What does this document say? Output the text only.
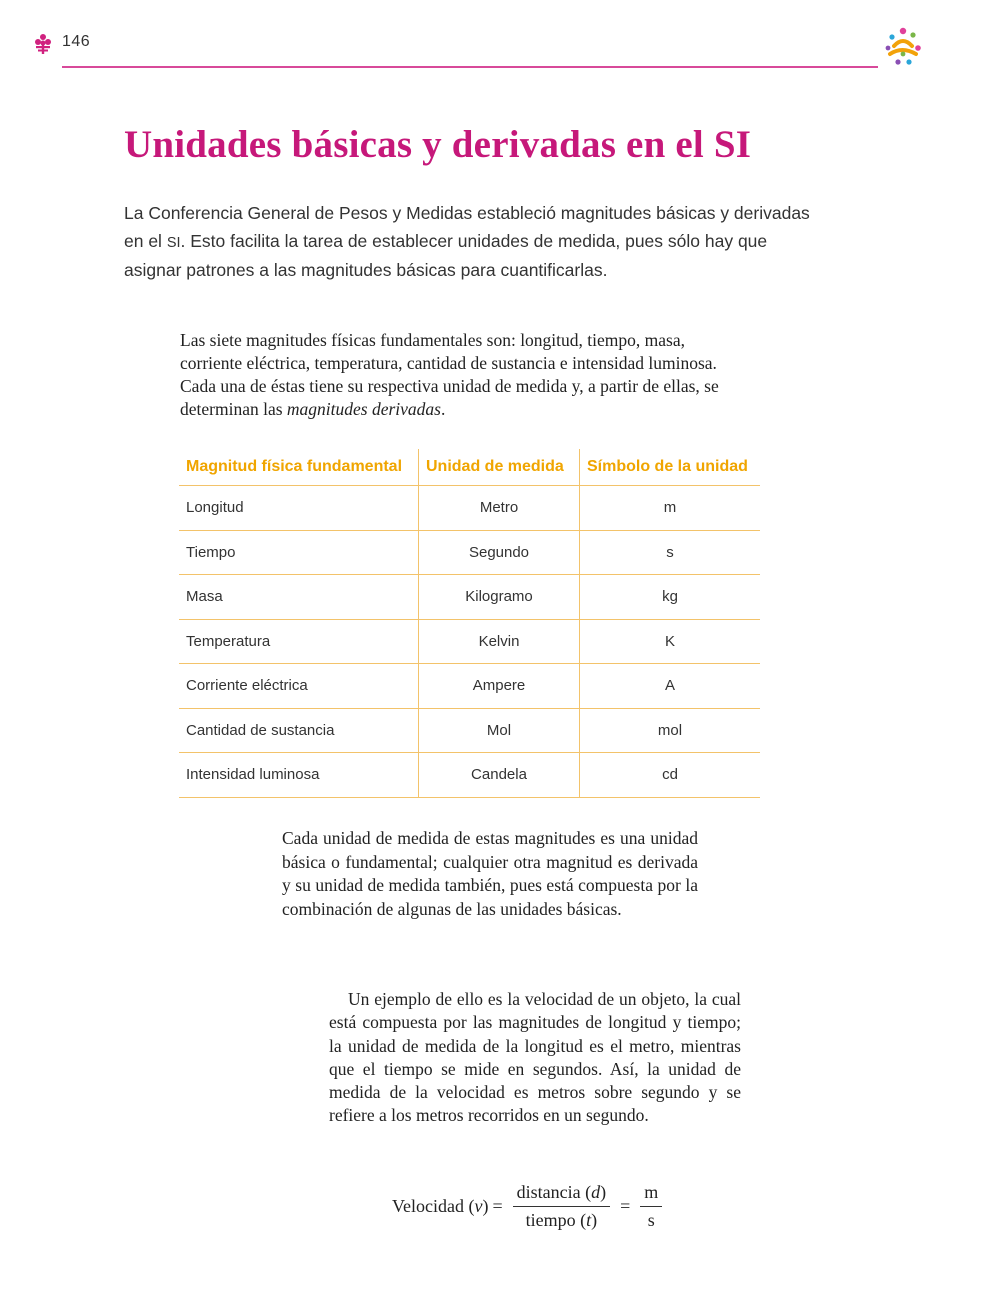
146
Unidades básicas y derivadas en el SI

La Conferencia General de Pesos y Medidas estableció magnitudes básicas y derivadas en el SI. Esto facilita la tarea de establecer unidades de medida, pues sólo hay que asignar patrones a las magnitudes básicas para cuantificarlas.

Las siete magnitudes físicas fundamentales son: longitud, tiempo, masa, corriente eléctrica, temperatura, cantidad de sustancia e intensidad luminosa. Cada una de éstas tiene su respectiva unidad de medida y, a partir de ellas, se determinan las magnitudes derivadas.

Magnitud física fundamental	Unidad de medida	Símbolo de la unidad
Longitud	Metro	m
Tiempo	Segundo	s
Masa	Kilogramo	kg
Temperatura	Kelvin	K
Corriente eléctrica	Ampere	A
Cantidad de sustancia	Mol	mol
Intensidad luminosa	Candela	cd

Cada unidad de medida de estas magnitudes es una unidad básica o fundamental; cualquier otra magnitud es derivada y su unidad de medida también, pues está compuesta por la combinación de algunas de las unidades básicas.

Un ejemplo de ello es la velocidad de un objeto, la cual está compuesta por las magnitudes de longitud y tiempo; la unidad de medida de la longitud es el metro, mientras que el tiempo se mide en segundos. Así, la unidad de medida de la velocidad es metros sobre segundo y se refiere a los metros recorridos en un segundo.

Velocidad $(v) = \frac{\text{distancia (d)}}{\text{tiempo (t)}} = \frac{m}{s}$
